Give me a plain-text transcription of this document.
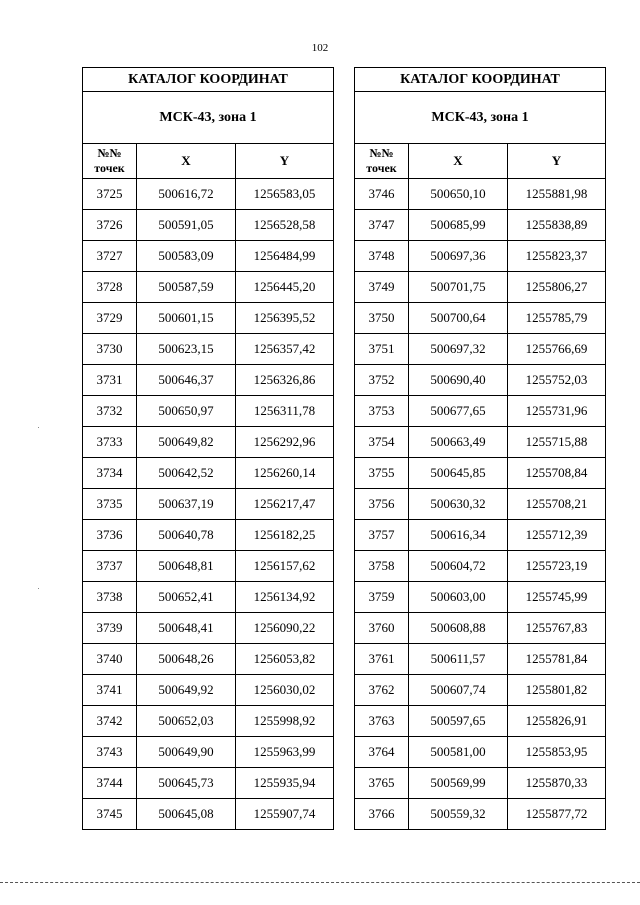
102
КАТАЛОГ КООРДИНАТ		
МСК-43, зона 1		
№№
точек	X	Y
3725	500616,72	1256583,05
3726	500591,05	1256528,58
3727	500583,09	1256484,99
3728	500587,59	1256445,20
3729	500601,15	1256395,52
3730	500623,15	1256357,42
3731	500646,37	1256326,86
3732	500650,97	1256311,78
3733	500649,82	1256292,96
3734	500642,52	1256260,14
3735	500637,19	1256217,47
3736	500640,78	1256182,25
3737	500648,81	1256157,62
3738	500652,41	1256134,92
3739	500648,41	1256090,22
3740	500648,26	1256053,82
3741	500649,92	1256030,02
3742	500652,03	1255998,92
3743	500649,90	1255963,99
3744	500645,73	1255935,94
3745	500645,08	1255907,74
КАТАЛОГ КООРДИНАТ		
МСК-43, зона 1		
№№
точек	X	Y
3746	500650,10	1255881,98
3747	500685,99	1255838,89
3748	500697,36	1255823,37
3749	500701,75	1255806,27
3750	500700,64	1255785,79
3751	500697,32	1255766,69
3752	500690,40	1255752,03
3753	500677,65	1255731,96
3754	500663,49	1255715,88
3755	500645,85	1255708,84
3756	500630,32	1255708,21
3757	500616,34	1255712,39
3758	500604,72	1255723,19
3759	500603,00	1255745,99
3760	500608,88	1255767,83
3761	500611,57	1255781,84
3762	500607,74	1255801,82
3763	500597,65	1255826,91
3764	500581,00	1255853,95
3765	500569,99	1255870,33
3766	500559,32	1255877,72
